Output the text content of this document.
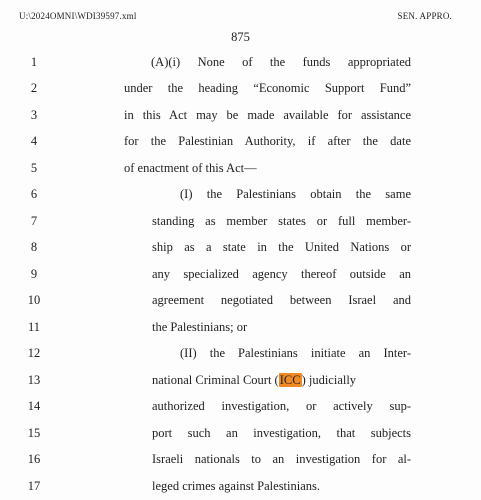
U:\2024OMNI\WDI39597.xml	SEN. APPRO.
875
1
2
3
4
5
6
7
8
9
10
11
12
13
14
15
16
17
(A)(i) None of the funds appropriated
under the heading “Economic Support Fund”
in this Act may be made available for assistance
for the Palestinian Authority, if after the date
of enactment of this Act—
(I) the Palestinians obtain the same
standing as member states or full member-
ship as a state in the United Nations or
any specialized agency thereof outside an
agreement negotiated between Israel and
the Palestinians; or
(II) the Palestinians initiate an Inter-
national Criminal Court (ICC) judicially
authorized investigation, or actively sup-
port such an investigation, that subjects
Israeli nationals to an investigation for al-
leged crimes against Palestinians.
